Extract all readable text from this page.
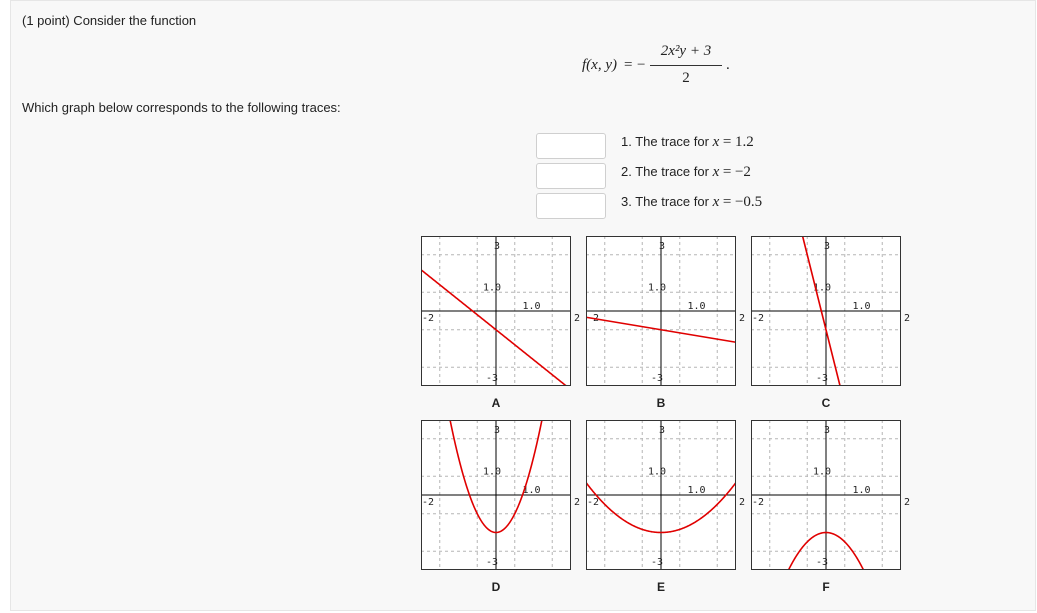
(1 point) Consider the function
f(x, y) = −
2x²y + 3
2
.
Which graph below corresponds to the following traces:
1. The trace for x = 1.2
2. The trace for x = −2
3. The trace for x = −0.5
-2	2
3
-3
1.0
1.0
-2	2
3
-3
1.0
1.0
-2	2
3
-3
1.0
1.0
-2	2
3
-3
1.0
1.0
-2	2
3
-3
1.0
1.0
-2	2
3
-3
1.0
1.0
A	B	C
D	E	F
